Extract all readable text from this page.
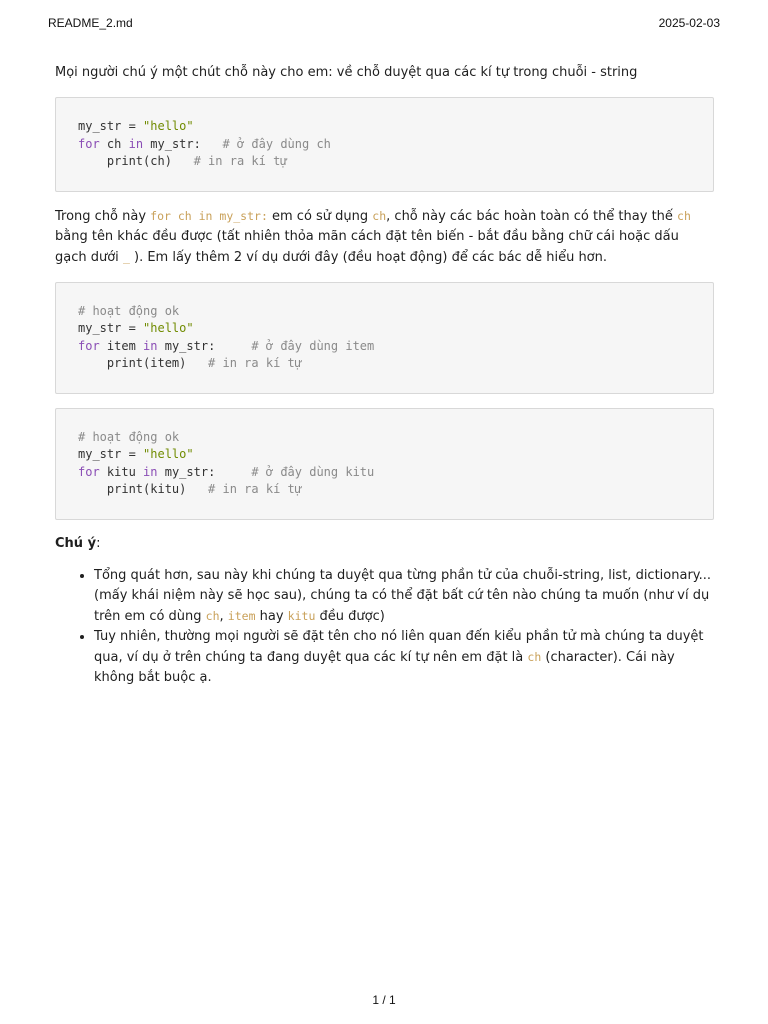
README_2.md	2025-02-03

Mọi người chú ý một chút chỗ này cho em: về chỗ duyệt qua các kí tự trong chuỗi - string

my_str = "hello"
for ch in my_str:   # ở đây dùng ch
print(ch)   # in ra kí tự

Trong chỗ này for ch in my_str: em có sử dụng ch, chỗ này các bác hoàn toàn có thể thay thế ch bằng tên khác đều được (tất nhiên thỏa mãn cách đặt tên biến - bắt đầu bằng chữ cái hoặc dấu gạch dưới _ ). Em lấy thêm 2 ví dụ dưới đây (đều hoạt động) để các bác dễ hiểu hơn.

# hoạt động ok
my_str = "hello"
for item in my_str:     # ở đây dùng item
print(item)   # in ra kí tự
# hoạt động ok
my_str = "hello"
for kitu in my_str:     # ở đây dùng kitu
print(kitu)   # in ra kí tự
Chú ý:
• Tổng quát hơn, sau này khi chúng ta duyệt qua từng phần tử của chuỗi-string, list, dictionary... (mấy khái niệm này sẽ học sau), chúng ta có thể đặt bất cứ tên nào chúng ta muốn (như ví dụ trên em có dùng ch, item hay kitu đều được)
• Tuy nhiên, thường mọi người sẽ đặt tên cho nó liên quan đến kiểu phần tử mà chúng ta duyệt qua, ví dụ ở trên chúng ta đang duyệt qua các kí tự nên em đặt là ch (character). Cái này không bắt buộc ạ.
1 / 1
